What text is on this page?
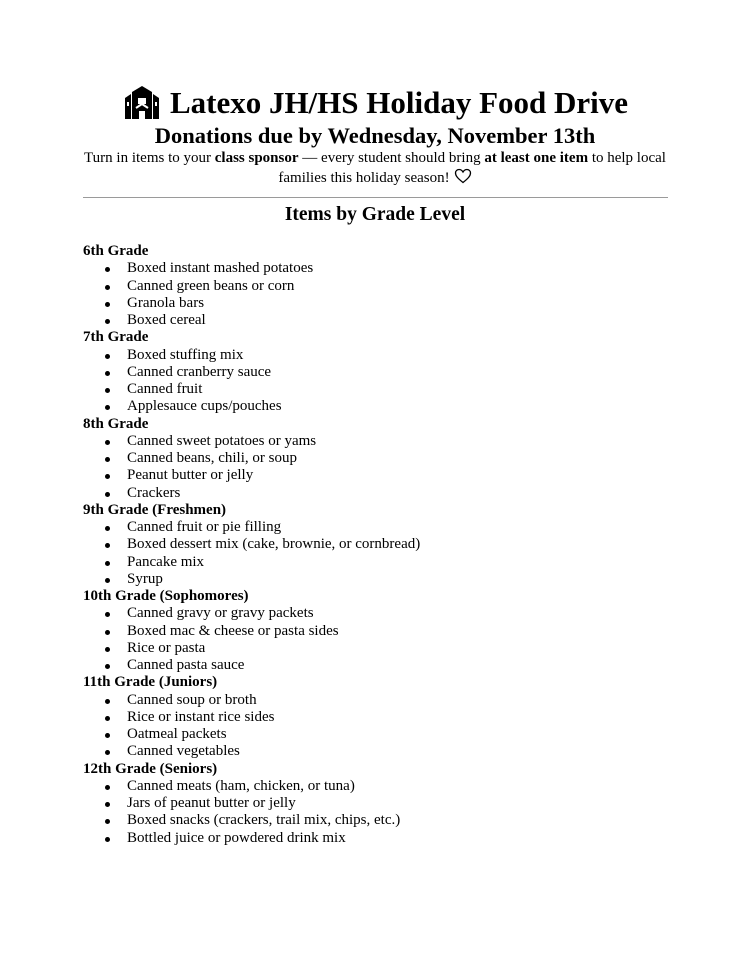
Latexo JH/HS Holiday Food Drive
Donations due by Wednesday, November 13th
Turn in items to your class sponsor — every student should bring at least one item to help local families this holiday season!
Items by Grade Level
6th Grade
Boxed instant mashed potatoes
Canned green beans or corn
Granola bars
Boxed cereal
7th Grade
Boxed stuffing mix
Canned cranberry sauce
Canned fruit
Applesauce cups/pouches
8th Grade
Canned sweet potatoes or yams
Canned beans, chili, or soup
Peanut butter or jelly
Crackers
9th Grade (Freshmen)
Canned fruit or pie filling
Boxed dessert mix (cake, brownie, or cornbread)
Pancake mix
Syrup
10th Grade (Sophomores)
Canned gravy or gravy packets
Boxed mac & cheese or pasta sides
Rice or pasta
Canned pasta sauce
11th Grade (Juniors)
Canned soup or broth
Rice or instant rice sides
Oatmeal packets
Canned vegetables
12th Grade (Seniors)
Canned meats (ham, chicken, or tuna)
Jars of peanut butter or jelly
Boxed snacks (crackers, trail mix, chips, etc.)
Bottled juice or powdered drink mix
